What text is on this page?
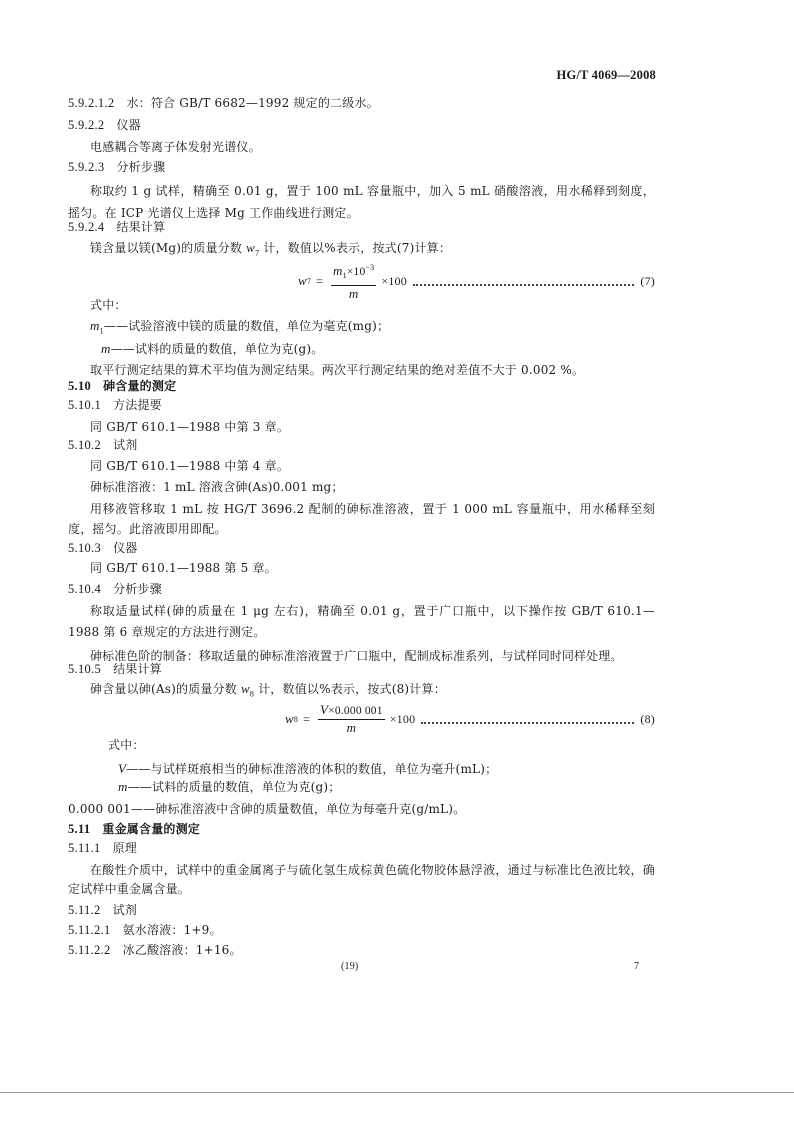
HG/T 4069—2008
5.9.2.1.2 水：符合 GB/T 6682—1992 规定的二级水。
5.9.2.2 仪器
电感耦合等离子体发射光谱仪。
5.9.2.3 分析步骤
称取约 1 g 试样，精确至 0.01 g，置于 100 mL 容量瓶中，加入 5 mL 硝酸溶液，用水稀释到刻度，摇匀。在 ICP 光谱仪上选择 Mg 工作曲线进行测定。
5.9.2.4 结果计算
镁含量以镁(Mg)的质量分数 $w_7$ 计，数值以%表示，按式(7)计算：
w $7 = \frac{m_1\times 10^{-3}}{m} \times 100$	(7)
式中：
$m_1——$试验溶液中镁的质量的数值，单位为毫克(mg)；
m——试料的质量的数值，单位为克(g)。
取平行测定结果的算术平均值为测定结果。两次平行测定结果的绝对差值不大于 0.002 %。
5.10 砷含量的测定
5.10.1 方法提要
同 GB/T 610.1—1988 中第 3 章。
5.10.2 试剂
同 GB/T 610.1—1988 中第 4 章。
砷标准溶液：1 mL 溶液含砷(As)0.001 mg；
用移液管移取 1 mL 按 HG/T 3696.2 配制的砷标准溶液，置于 1 000 mL 容量瓶中，用水稀释至刻度，摇匀。此溶液即用即配。
5.10.3 仪器
同 GB/T 610.1—1988 第 5 章。
5.10.4 分析步骤
称取适量试样(砷的质量在 1 μg 左右)，精确至 0.01 g，置于广口瓶中，以下操作按 GB/T 610.1—1988 第 6 章规定的方法进行测定。
砷标准色阶的制备：移取适量的砷标准溶液置于广口瓶中，配制成标准系列，与试样同时同样处理。
5.10.5 结果计算
砷含量以砷(As)的质量分数 $w_8$ 计，数值以%表示，按式(8)计算：
w $8 = \frac{V\times 0.000 001}{m} \times 100$	(8)
式中：
V——与试样斑痕相当的砷标准溶液的体积的数值，单位为毫升(mL)；
m——试料的质量的数值，单位为克(g)；
0.000 001——砷标准溶液中含砷的质量数值，单位为每毫升克(g/mL)。
5.11 重金属含量的测定
5.11.1 原理
在酸性介质中，试样中的重金属离子与硫化氢生成棕黄色硫化物胶体悬浮液，通过与标准比色液比较，确定试样中重金属含量。
5.11.2 试剂
5.11.2.1 氨水溶液：1+9。
5.11.2.2 冰乙酸溶液：1+16。
(19)	7
